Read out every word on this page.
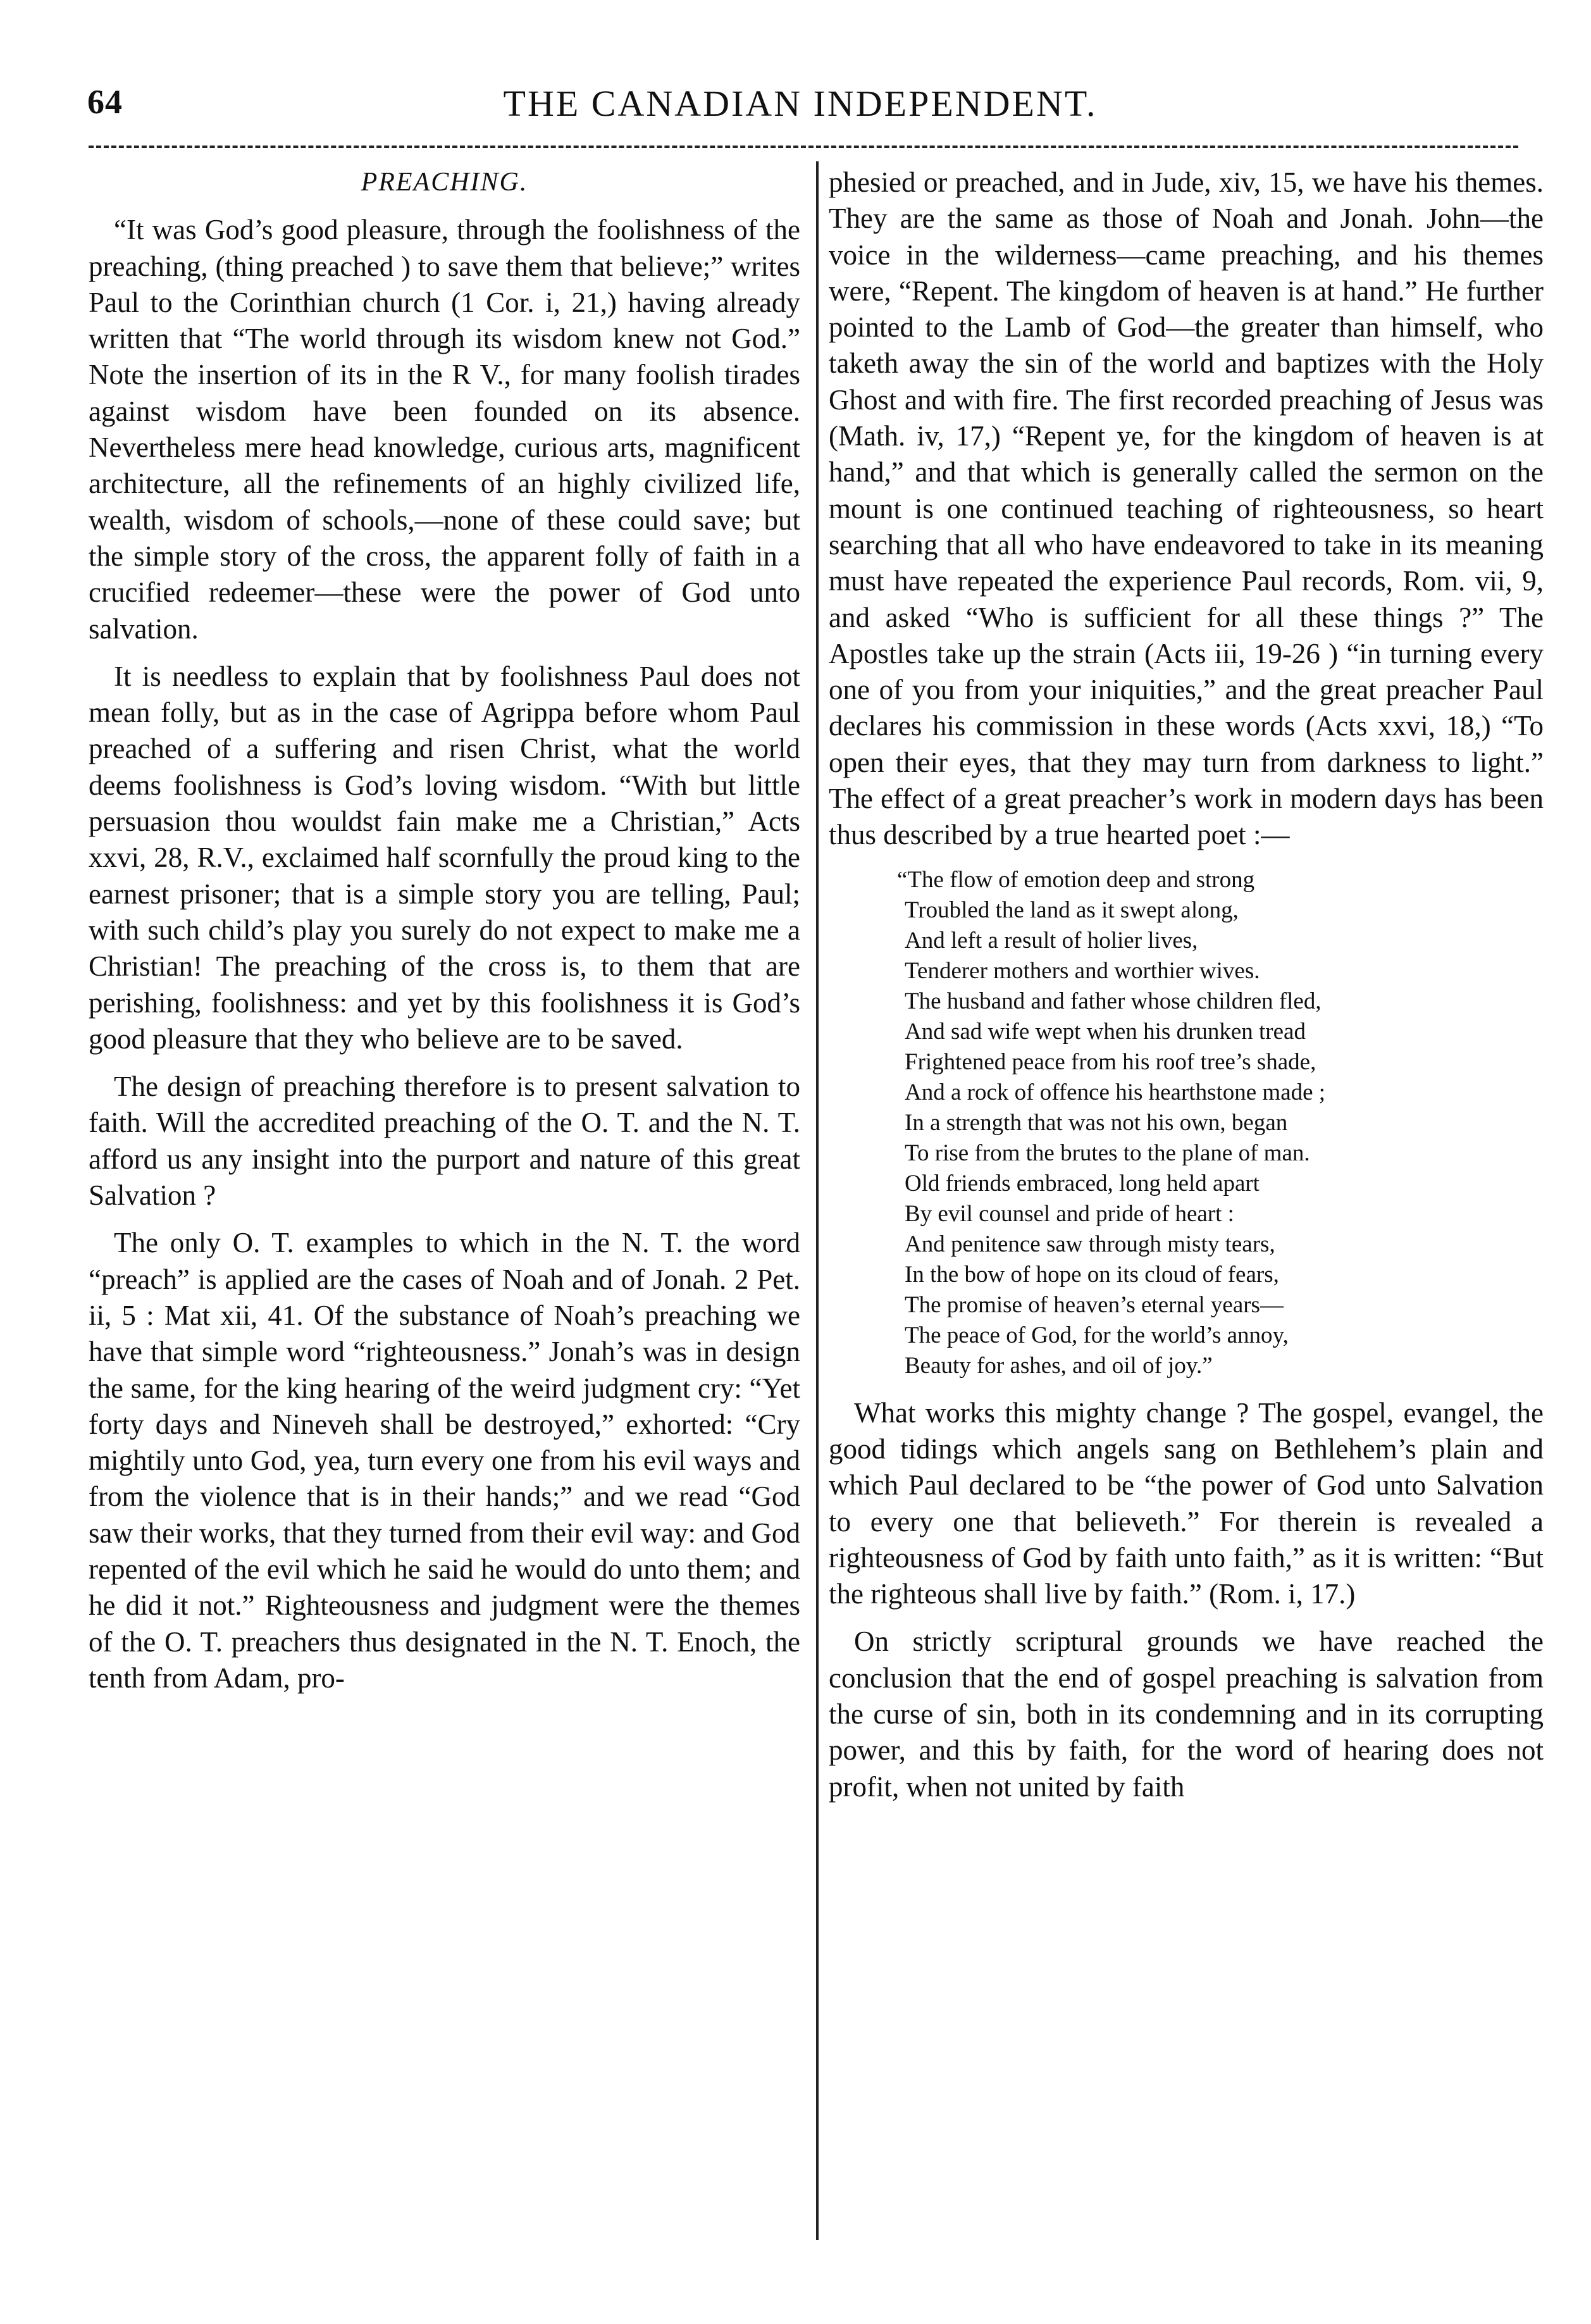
64	THE CANADIAN INDEPENDENT.
PREACHING.

“It was God’s good pleasure, through the foolishness of the preaching, (thing preached ) to save them that believe;” writes Paul to the Corinthian church (1 Cor. i, 21,) having already written that “The world through its wisdom knew not God.” Note the insertion of its in the R V., for many foolish tirades against wisdom have been founded on its absence. Nevertheless mere head knowledge, curious arts, magnificent architecture, all the refinements of an highly civilized life, wealth, wisdom of schools,—none of these could save; but the simple story of the cross, the apparent folly of faith in a crucified redeemer—these were the power of God unto salvation.

It is needless to explain that by foolishness Paul does not mean folly, but as in the case of Agrippa before whom Paul preached of a suffering and risen Christ, what the world deems foolishness is God’s loving wisdom. “With but little persuasion thou wouldst fain make me a Christian,” Acts xxvi, 28, R.V., exclaimed half scornfully the proud king to the earnest prisoner; that is a simple story you are telling, Paul; with such child’s play you surely do not expect to make me a Christian! The preaching of the cross is, to them that are perishing, foolishness: and yet by this foolishness it is God’s good pleasure that they who believe are to be saved.

The design of preaching therefore is to present salvation to faith. Will the accredited preaching of the O. T. and the N. T. afford us any insight into the purport and nature of this great Salvation ?

The only O. T. examples to which in the N. T. the word “preach” is applied are the cases of Noah and of Jonah. 2 Pet. ii, 5 : Mat xii, 41. Of the substance of Noah’s preaching we have that simple word “righteousness.” Jonah’s was in design the same, for the king hearing of the weird judgment cry: “Yet forty days and Nineveh shall be destroyed,” exhorted: “Cry mightily unto God, yea, turn every one from his evil ways and from the violence that is in their hands;” and we read “God saw their works, that they turned from their evil way: and God repented of the evil which he said he would do unto them; and he did it not.” Righteousness and judgment were the themes of the O. T. preachers thus designated in the N. T. Enoch, the tenth from Adam, pro-

phesied or preached, and in Jude, xiv, 15, we have his themes. They are the same as those of Noah and Jonah. John—the voice in the wilderness—came preaching, and his themes were, “Repent. The kingdom of heaven is at hand.” He further pointed to the Lamb of God—the greater than himself, who taketh away the sin of the world and baptizes with the Holy Ghost and with fire. The first recorded preaching of Jesus was (Math. iv, 17,) “Repent ye, for the kingdom of heaven is at hand,” and that which is generally called the sermon on the mount is one continued teaching of righteousness, so heart searching that all who have endeavored to take in its meaning must have repeated the experience Paul records, Rom. vii, 9, and asked “Who is sufficient for all these things ?” The Apostles take up the strain (Acts iii, 19-26 ) “in turning every one of you from your iniquities,” and the great preacher Paul declares his commission in these words (Acts xxvi, 18,) “To open their eyes, that they may turn from darkness to light.” The effect of a great preacher’s work in modern days has been thus described by a true hearted poet :—

“The flow of emotion deep and strong
Troubled the land as it swept along,
And left a result of holier lives,
Tenderer mothers and worthier wives.
The husband and father whose children fled,
And sad wife wept when his drunken tread
Frightened peace from his roof tree’s shade,
And a rock of offence his hearthstone made ;
In a strength that was not his own, began
To rise from the brutes to the plane of man.
Old friends embraced, long held apart
By evil counsel and pride of heart :
And penitence saw through misty tears,
In the bow of hope on its cloud of fears,
The promise of heaven’s eternal years—
The peace of God, for the world’s annoy,
Beauty for ashes, and oil of joy.”

What works this mighty change ? The gospel, evangel, the good tidings which angels sang on Bethlehem’s plain and which Paul declared to be “the power of God unto Salvation to every one that believeth.” For therein is revealed a righteousness of God by faith unto faith,” as it is written: “But the righteous shall live by faith.” (Rom. i, 17.)

On strictly scriptural grounds we have reached the conclusion that the end of gospel preaching is salvation from the curse of sin, both in its condemning and in its corrupting power, and this by faith, for the word of hearing does not profit, when not united by faith
